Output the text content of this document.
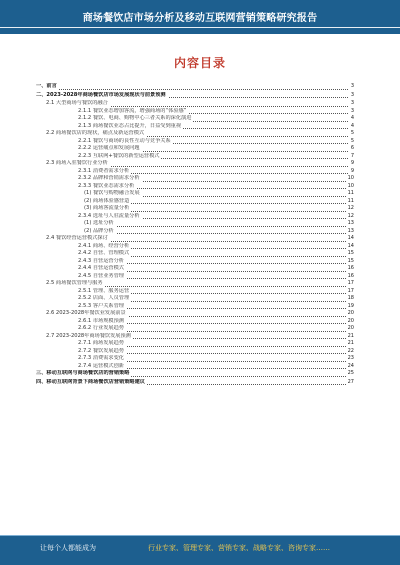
商场餐饮店市场分析及移动互联网营销策略研究报告
内容目录
一、前言	3
二、2023-2028年商场餐饮店市场发展现状与前景预测	3
2.1 大型商场与餐饮的融合	3
2.1.1 餐饮业态增加客流，增强商场的“体验感”	3
2.1.2 餐饮、电商、购物中心三者关系的深化演进	4
2.1.3 商场餐饮业态占比提升，日益受到重视	4
2.2 商场餐饮店的现状，痛点及新运营模式	5
2.2.1 餐饮与商场的良性互动与竞争关系	5
2.2.2 运营痛点和发展问题	6
2.2.3 互联网+餐饮的新型运营模式	7
2.3 商场入驻餐饮行业分析	9
2.3.1 消费者需求分析	9
2.3.2 品牌和营销需求分析	10
2.3.3 餐饮业态需求分析	10
(1) 餐饮与购物融合发展	11
(2) 商场体验感营造	11
(3) 商场客流量分析	12
2.3.4 选址与人驻流量分析	12
(1) 选址分析	13
(2) 品牌分析	13
2.4 餐饮经营运营模式探讨	14
2.4.1 商场、经营分析	14
2.4.2 自营、管理模式	15
2.4.3 自营运营分析	15
2.4.4 自营运营模式	16
2.4.5 自营业务管理	16
2.5 商场餐饮管理与服务	17
2.5.1 管理、服务运营	17
2.5.2 店面、人员管理	18
2.5.3 客户关系管理	19
2.6 2023-2028年餐饮业发展前景	20
2.6.1 市场规模预测	20
2.6.2 行业发展趋势	20
2.7 2023-2028年商场餐饮发展预测	21
2.7.1 商场发展趋势	21
2.7.2 餐饮发展趋势	22
2.7.3 消费需求变化	23
2.7.4 运营模式创新	24
三、移动互联网与商场餐饮店的营销策略	25
四、移动互联网背景下商场餐饮店营销策略建议	27
让每个人都能成为	行业专家、管理专家、营销专家、战略专家、咨询专家……
